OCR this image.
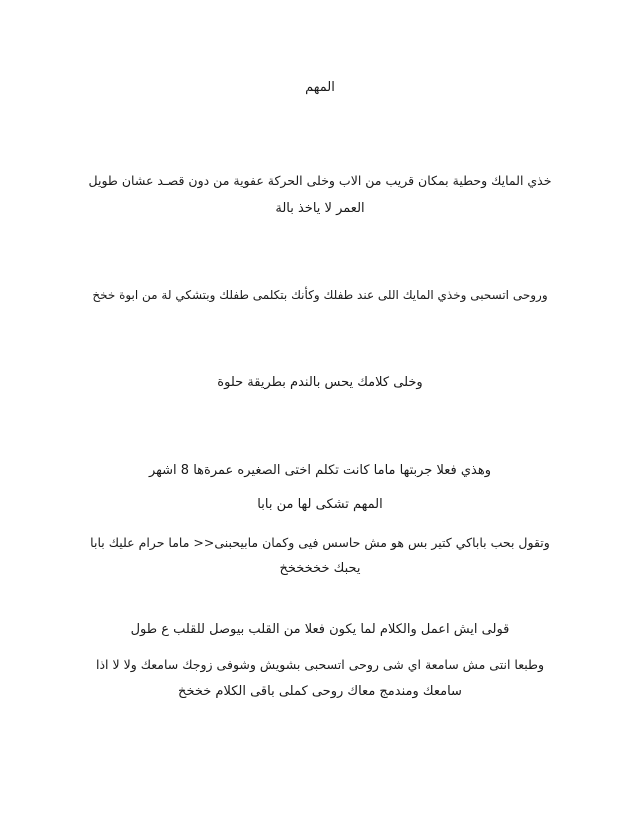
المهم
خذي المايك وحطية بمكان قريب من الاب وخلى الحركة عفوية من دون قصـد عشان طويل
العمر لا ياخذ بالة
وروحى اتسحبى وخذي المايك اللى عند طفلك وكأنك بتكلمى طفلك وبتشكي لة من ابوة خخخ
وخلى كلامك يحس بالندم بطريقة حلوة
وهذي فعلا جربتها ماما كانت تكلم اختى الصغيره عمرةها 8 اشهر
المهم تشكى لها من بابا
وتقول بحب باباكي كتير بس هو مش حاسس فيى وكمان مابيحبنى<< ماما حرام عليك بابا
يحبك خخخخخخ
قولى ايش اعمل والكلام لما يكون فعلا من القلب بيوصل للقلب ع طول
وطبعا انتى مش سامعة اي شى روحى اتسحبى بشويش وشوفى زوجك سامعك ولا لا اذا
سامعك ومندمج معاك روحى كملى باقى الكلام خخخخ
